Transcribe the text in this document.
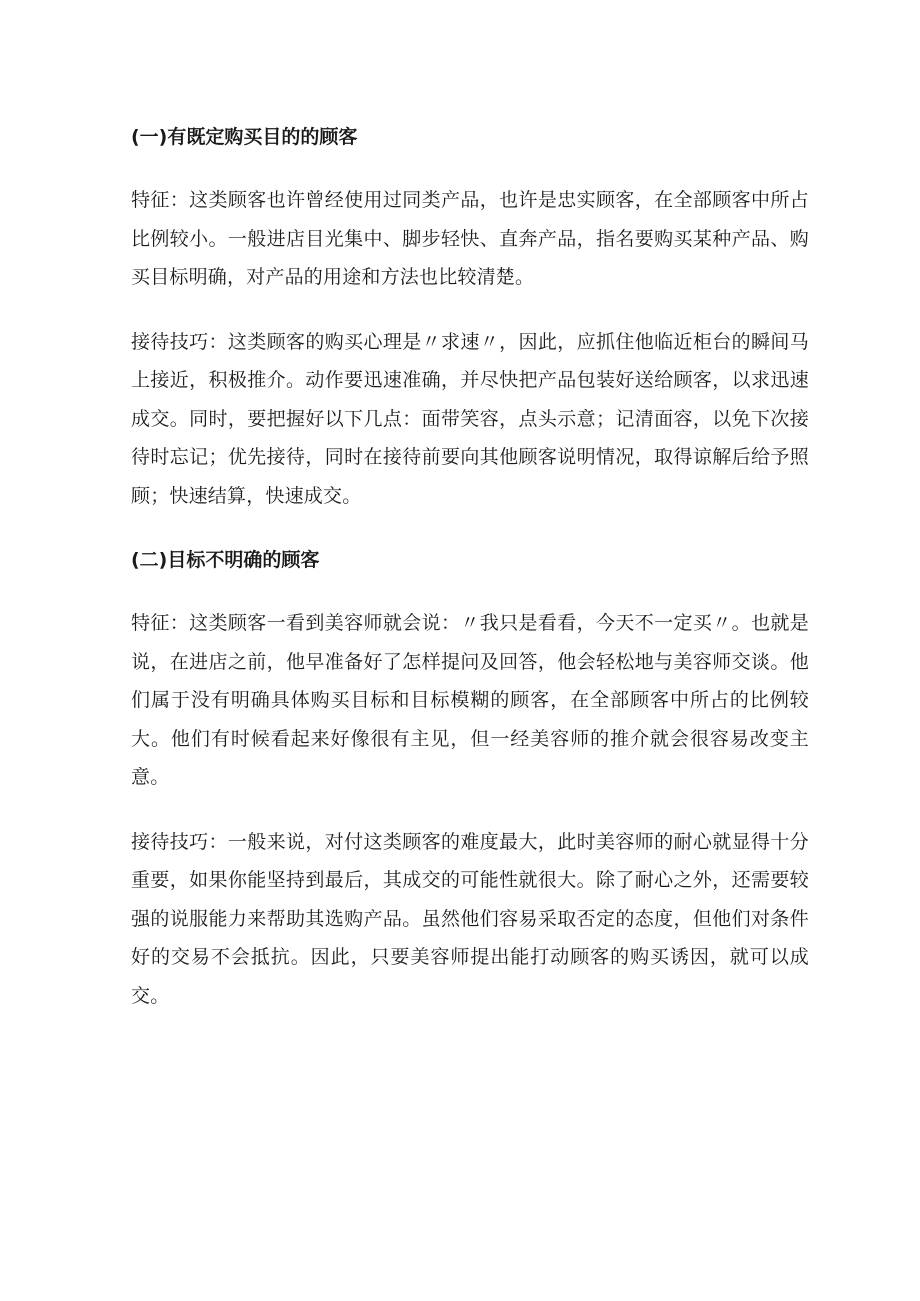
(一)有既定购买目的的顾客

特征：这类顾客也许曾经使用过同类产品，也许是忠实顾客，在全部顾客中所占比例较小。一般进店目光集中、脚步轻快、直奔产品，指名要购买某种产品、购买目标明确，对产品的用途和方法也比较清楚。

接待技巧：这类顾客的购买心理是〃求速〃，因此，应抓住他临近柜台的瞬间马上接近，积极推介。动作要迅速准确，并尽快把产品包装好送给顾客，以求迅速成交。同时，要把握好以下几点：面带笑容，点头示意；记清面容，以免下次接待时忘记；优先接待，同时在接待前要向其他顾客说明情况，取得谅解后给予照顾；快速结算，快速成交。

(二)目标不明确的顾客

特征：这类顾客一看到美容师就会说：〃我只是看看，今天不一定买〃。也就是说，在进店之前，他早准备好了怎样提问及回答，他会轻松地与美容师交谈。他们属于没有明确具体购买目标和目标模糊的顾客，在全部顾客中所占的比例较大。他们有时候看起来好像很有主见，但一经美容师的推介就会很容易改变主意。

接待技巧：一般来说，对付这类顾客的难度最大，此时美容师的耐心就显得十分重要，如果你能坚持到最后，其成交的可能性就很大。除了耐心之外，还需要较强的说服能力来帮助其选购产品。虽然他们容易采取否定的态度，但他们对条件好的交易不会抵抗。因此，只要美容师提出能打动顾客的购买诱因，就可以成交。
